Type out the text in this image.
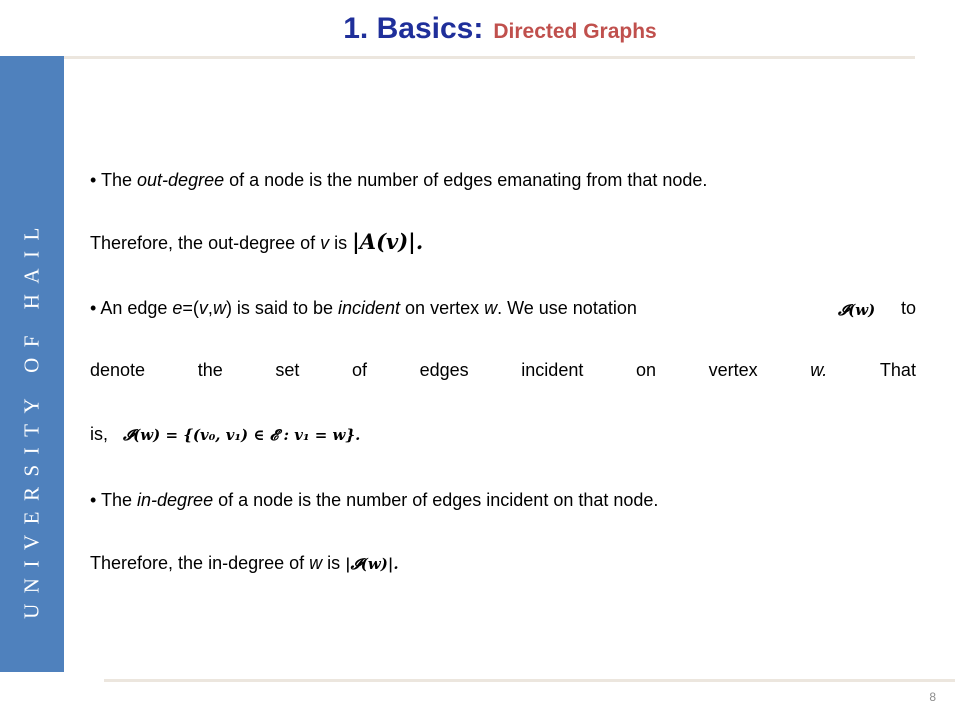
1. Basics: Directed Graphs
UNIVERSITY OF HAIL
• The out-degree of a node is the number of edges emanating from that node.
Therefore, the out-degree of v is |A(v)|.
• An edge e=(v,w) is said to be incident on vertex w. We use notation	𝓘(w) to
denote	the	set	of	edges	incident	on	vertex	w.	That
is, 𝓘(w) = {(v₀, v₁) ∈ 𝓔 : v₁ = w}.
• The in-degree of a node is the number of edges incident on that node.
Therefore, the in-degree of w is |𝓘(w)|.
8
